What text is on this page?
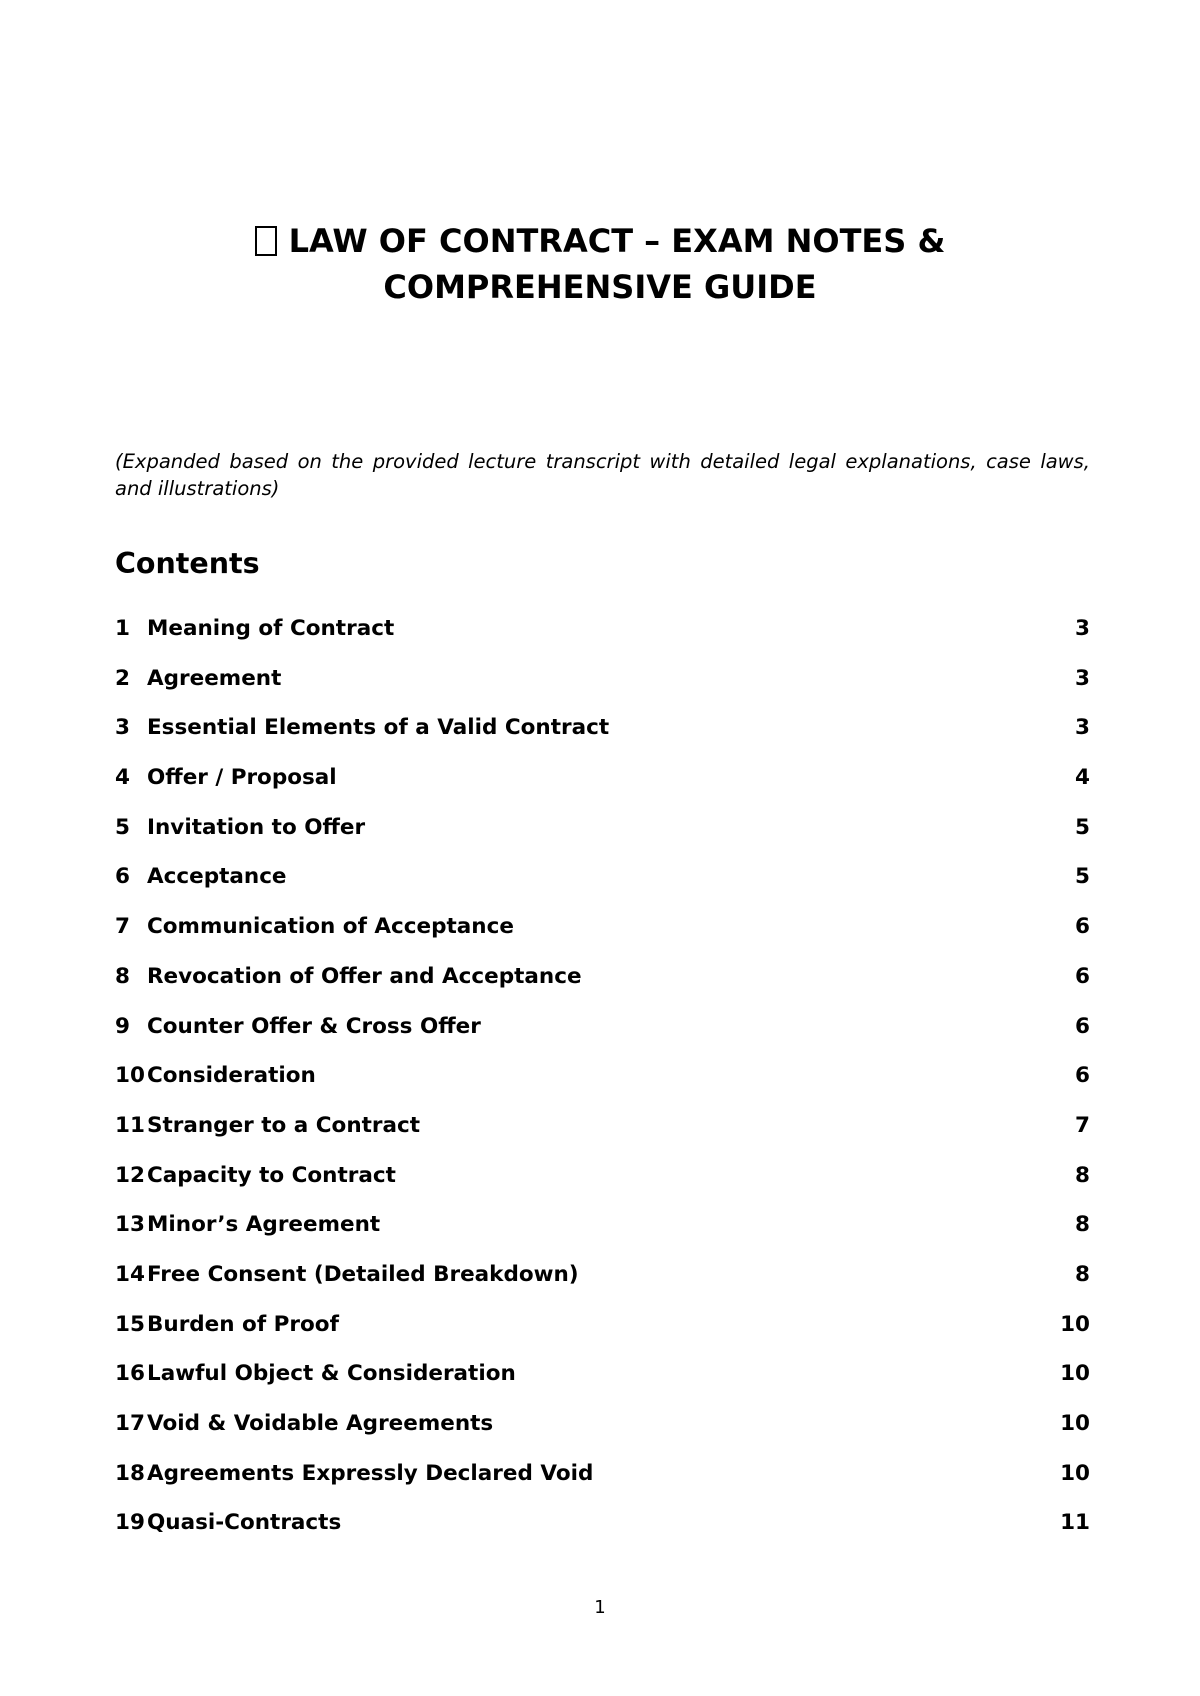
LAW OF CONTRACT – EXAM NOTES & COMPREHENSIVE GUIDE

(Expanded based on the provided lecture transcript with detailed legal explanations, case laws, and illustrations)

Contents
1 Meaning of Contract	3
2 Agreement	3
3 Essential Elements of a Valid Contract	3
4 Offer / Proposal	4
5 Invitation to Offer	5
6 Acceptance	5
7 Communication of Acceptance	6
8 Revocation of Offer and Acceptance	6
9 Counter Offer & Cross Offer	6
10 Consideration	6
11 Stranger to a Contract	7
12 Capacity to Contract	8
13 Minor’s Agreement	8
14 Free Consent (Detailed Breakdown)	8
15 Burden of Proof	10
16 Lawful Object & Consideration	10
17 Void & Voidable Agreements	10
18 Agreements Expressly Declared Void	10
19 Quasi-Contracts	11
1
